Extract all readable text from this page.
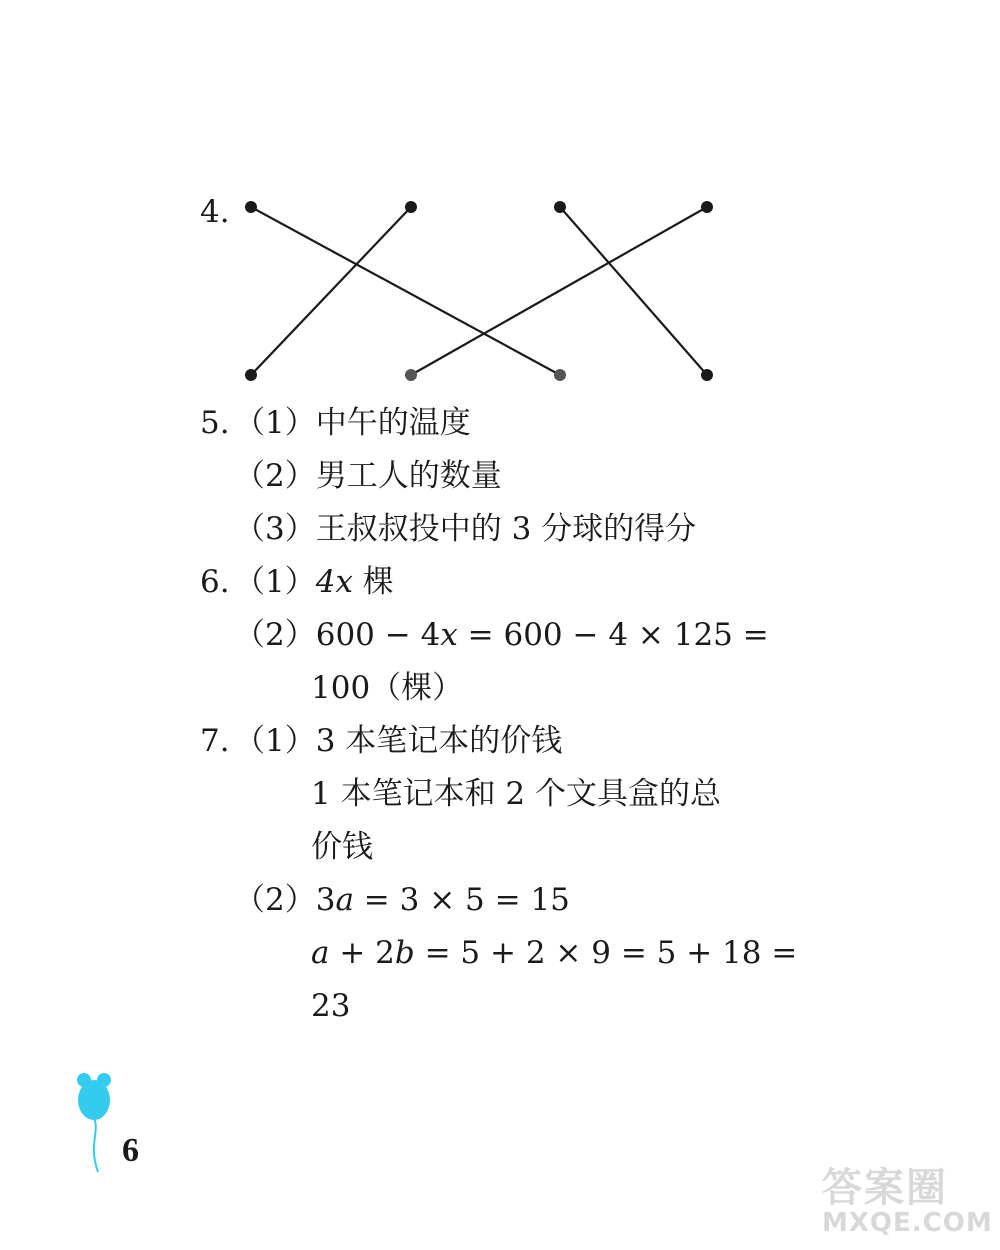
4.
5. （1）中午的温度
（2）男工人的数量
（3）王叔叔投中的 3 分球的得分
6. （1）4x 棵
（2）600 − 4x = 600 − 4 × 125 =
100（棵）
7. （1）3 本笔记本的价钱
1 本笔记本和 2 个文具盒的总
价钱
（2）3a = 3 × 5 = 15
a + 2b = 5 + 2 × 9 = 5 + 18 =
23
6
答案圈
MXQE.COM
